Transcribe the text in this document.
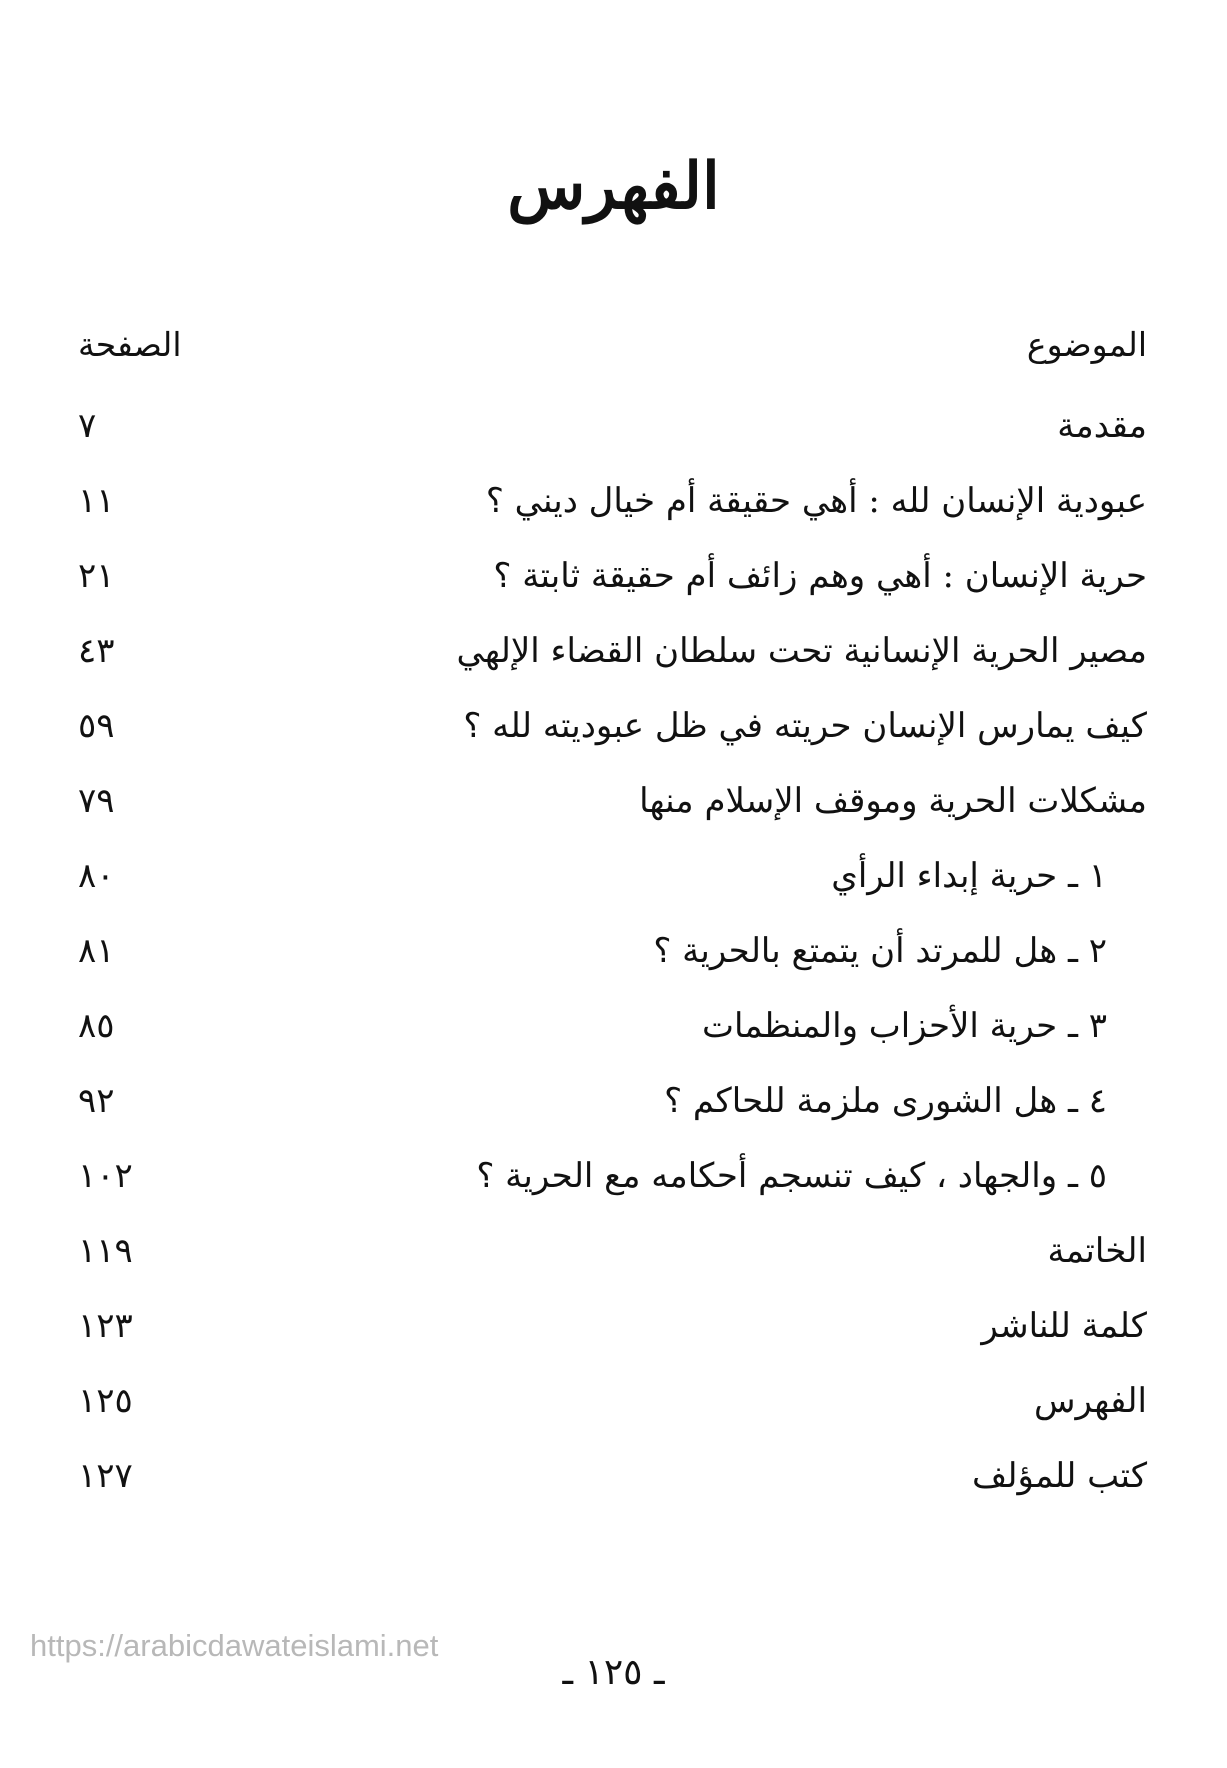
الفهرس
الموضوع
الصفحة
مقدمة
٧
عبودية الإنسان لله : أهي حقيقة أم خيال ديني ؟
١١
حرية الإنسان : أهي وهم زائف أم حقيقة ثابتة ؟
٢١
مصير الحرية الإنسانية تحت سلطان القضاء الإلهي
٤٣
كيف يمارس الإنسان حريته في ظل عبوديته لله ؟
٥٩
مشكلات الحرية وموقف الإسلام منها
٧٩
١ ـ حرية إبداء الرأي
٨٠
٢ ـ هل للمرتد أن يتمتع بالحرية ؟
٨١
٣ ـ حرية الأحزاب والمنظمات
٨٥
٤ ـ هل الشورى ملزمة للحاكم ؟
٩٢
٥ ـ والجهاد ، كيف تنسجم أحكامه مع الحرية ؟
١٠٢
الخاتمة
١١٩
كلمة للناشر
١٢٣
الفهرس
١٢٥
كتب للمؤلف
١٢٧
https://arabicdawateislami.net
ـ ١٢٥ ـ
